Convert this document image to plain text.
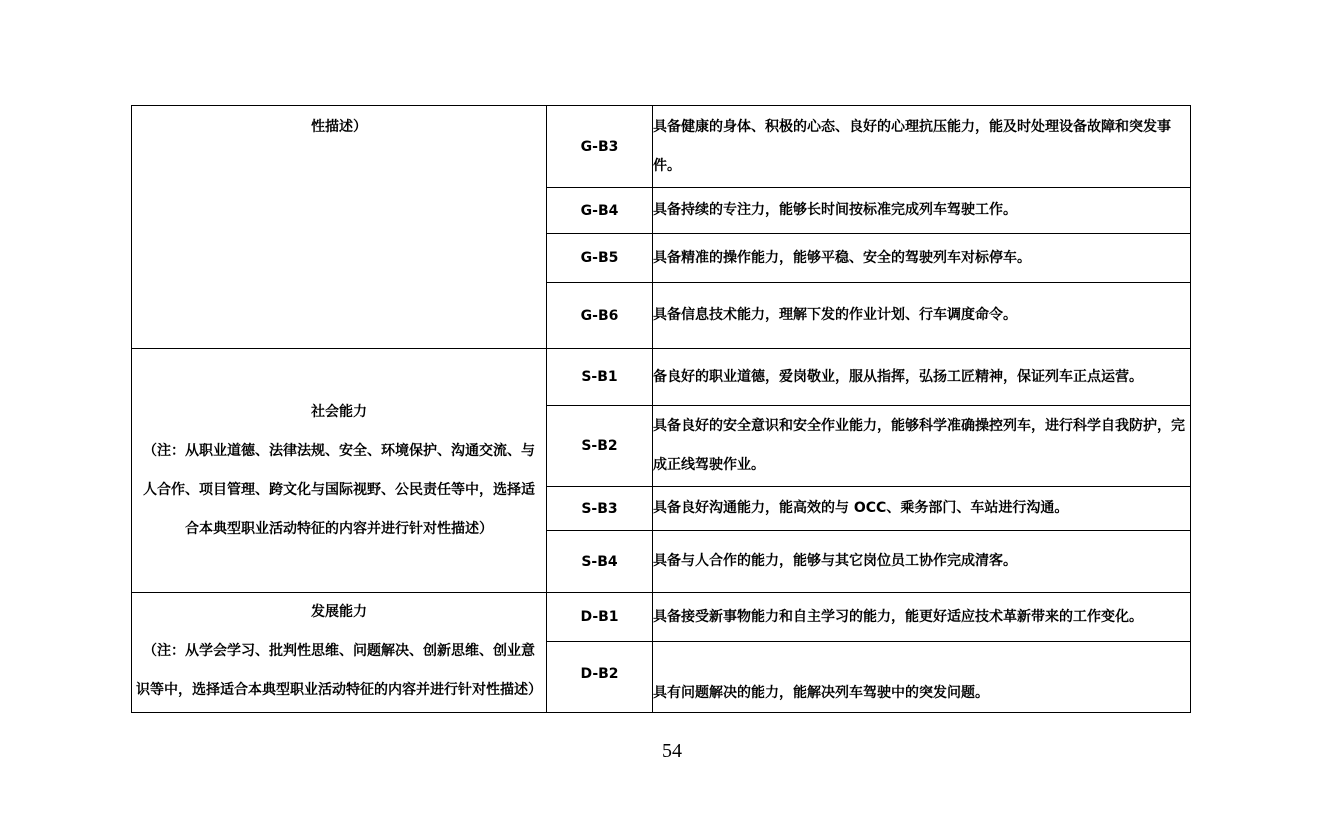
性描述）	G-B3	具备健康的身体、积极的心态、良好的心理抗压能力，能及时处理设备故障和突发事件。
	G-B4	具备持续的专注力，能够长时间按标准完成列车驾驶工作。
	G-B5	具备精准的操作能力，能够平稳、安全的驾驶列车对标停车。
	G-B6	具备信息技术能力，理解下发的作业计划、行车调度命令。

社会能力
（注：从职业道德、法律法规、安全、环境保护、沟通交流、与
人合作、项目管理、跨文化与国际视野、公民责任等中，选择适
合本典型职业活动特征的内容并进行针对性描述）	S-B1	备良好的职业道德，爱岗敬业，服从指挥，弘扬工匠精神，保证列车正点运营。
	S-B2	具备良好的安全意识和安全作业能力，能够科学准确操控列车，进行科学自我防护，完成正线驾驶作业。
	S-B3	具备良好沟通能力，能高效的与 OCC、乘务部门、车站进行沟通。
	S-B4	具备与人合作的能力，能够与其它岗位员工协作完成清客。

发展能力
（注：从学会学习、批判性思维、问题解决、创新思维、创业意
识等中，选择适合本典型职业活动特征的内容并进行针对性描述）	D-B1	具备接受新事物能力和自主学习的能力，能更好适应技术革新带来的工作变化。
	D-B2	具有问题解决的能力，能解决列车驾驶中的突发问题。
54
